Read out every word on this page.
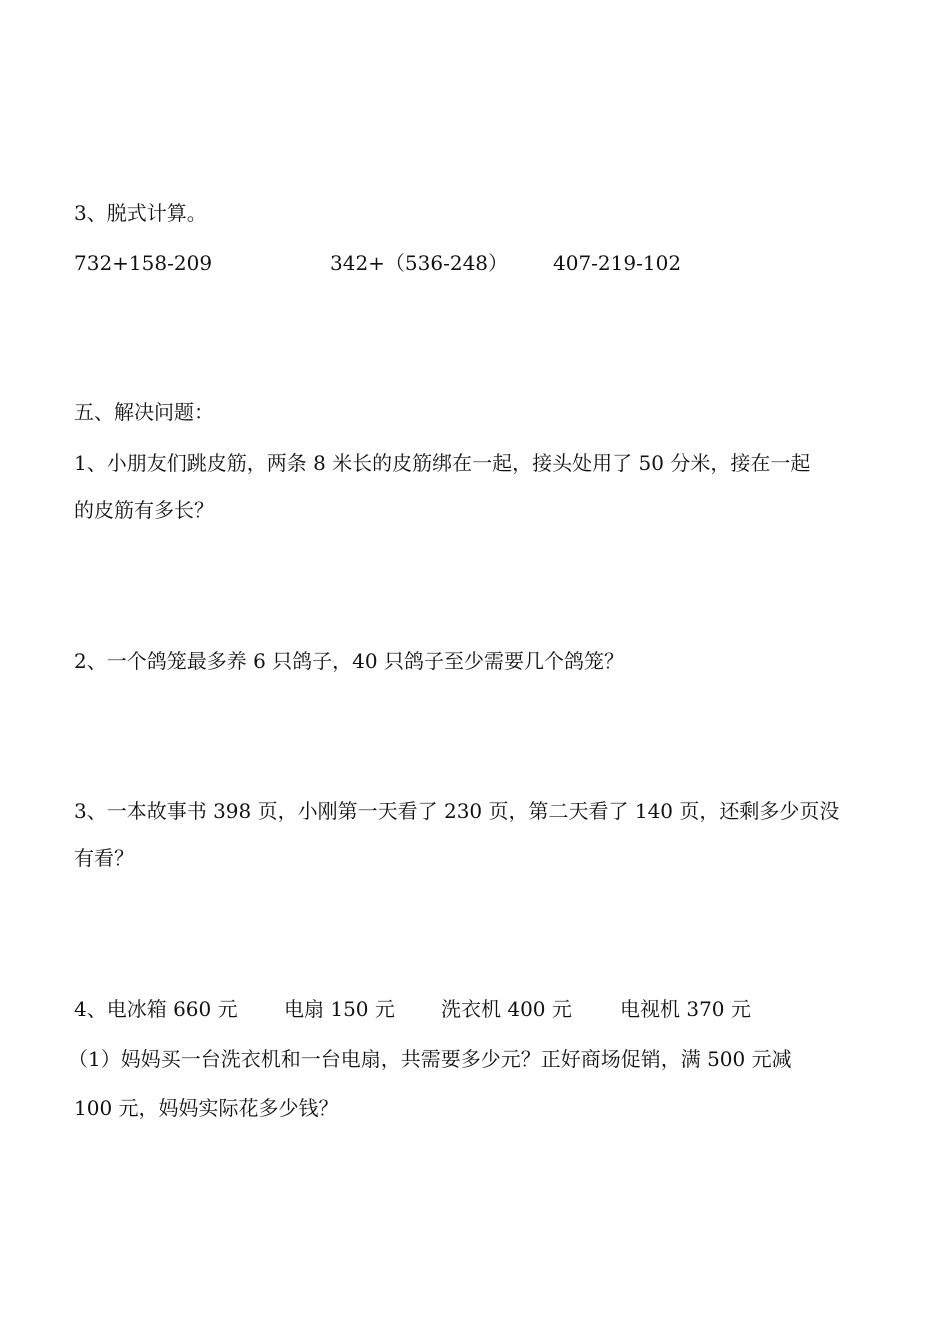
3、脱式计算。
732+158-209	342+（536-248） 407-219-102
五、解决问题：
1、小朋友们跳皮筋，两条 8 米长的皮筋绑在一起，接头处用了 50 分米，接在一起
的皮筋有多长？
2、一个鸽笼最多养 6 只鸽子，40 只鸽子至少需要几个鸽笼？
3、一本故事书 398 页，小刚第一天看了 230 页，第二天看了 140 页，还剩多少页没
有看？
4、电冰箱 660 元 电扇 150 元 洗衣机 400 元 电视机 370 元
（1）妈妈买一台洗衣机和一台电扇，共需要多少元？正好商场促销，满 500 元减
100 元，妈妈实际花多少钱？
